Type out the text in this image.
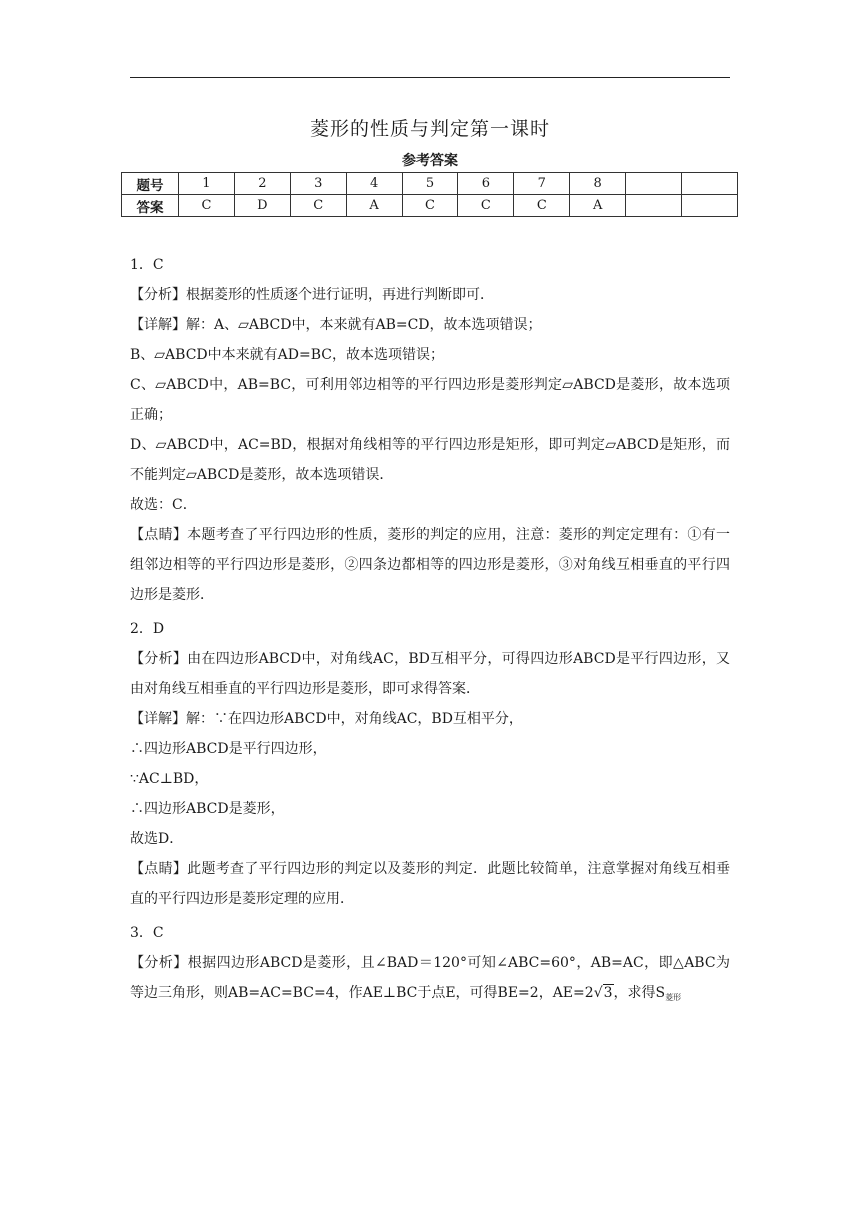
菱形的性质与判定第一课时
参考答案
题号	1	2	3	4	5	6	7	8		
答案	C	D	C	A	C	C	C	A		

1．C

【分析】根据菱形的性质逐个进行证明，再进行判断即可．

【详解】解：A、▱ABCD中，本来就有AB=CD，故本选项错误；

B、▱ABCD中本来就有AD=BC，故本选项错误；

C、▱ABCD中，AB=BC，可利用邻边相等的平行四边形是菱形判定▱ABCD是菱形，故本选项正确；

D、▱ABCD中，AC=BD，根据对角线相等的平行四边形是矩形，即可判定▱ABCD是矩形，而不能判定▱ABCD是菱形，故本选项错误．

故选：C．

【点睛】本题考查了平行四边形的性质，菱形的判定的应用，注意：菱形的判定定理有：①有一组邻边相等的平行四边形是菱形，②四条边都相等的四边形是菱形，③对角线互相垂直的平行四边形是菱形．

2．D

【分析】由在四边形ABCD中，对角线AC，BD互相平分，可得四边形ABCD是平行四边形，又由对角线互相垂直的平行四边形是菱形，即可求得答案．

【详解】解：∵在四边形ABCD中，对角线AC，BD互相平分，

∴四边形ABCD是平行四边形，

∵AC⊥BD，

∴四边形ABCD是菱形，

故选D．

【点睛】此题考查了平行四边形的判定以及菱形的判定．此题比较简单，注意掌握对角线互相垂直的平行四边形是菱形定理的应用．

3．C

【分析】根据四边形ABCD是菱形，且∠BAD＝120°可知∠ABC=60°，AB=AC，即△ABC为等边三角形，则AB=AC=BC=4，作AE⊥BC于点E，可得BE=2，AE=2√3，求得$S_{菱形}$
